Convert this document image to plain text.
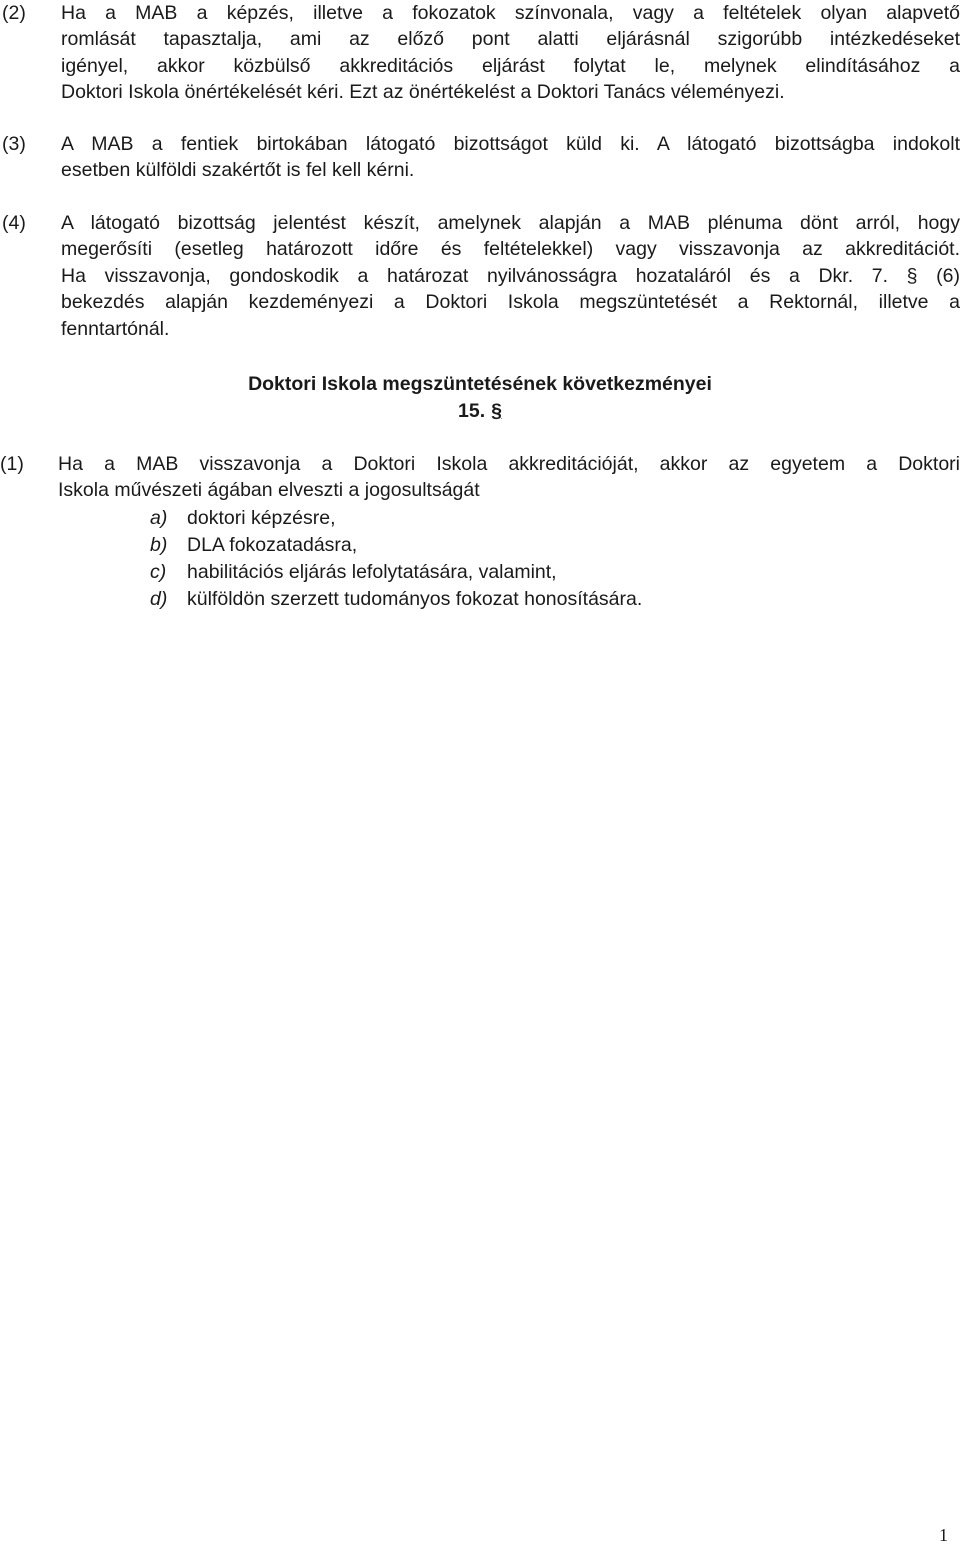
(2) Ha a MAB a képzés, illetve a fokozatok színvonala, vagy a feltételek olyan alapvető
romlását tapasztalja, ami az előző pont alatti eljárásnál szigorúbb intézkedéseket
igényel, akkor közbülső akkreditációs eljárást folytat le, melynek elindításához a
Doktori Iskola önértékelését kéri. Ezt az önértékelést a Doktori Tanács véleményezi.
(3) A MAB a fentiek birtokában látogató bizottságot küld ki. A látogató bizottságba indokolt
esetben külföldi szakértőt is fel kell kérni.
(4) A látogató bizottság jelentést készít, amelynek alapján a MAB plénuma dönt arról, hogy
megerősíti (esetleg határozott időre és feltételekkel) vagy visszavonja az akkreditációt.
Ha visszavonja, gondoskodik a határozat nyilvánosságra hozataláról és a Dkr. 7. § (6)
bekezdés alapján kezdeményezi a Doktori Iskola megszüntetését a Rektornál, illetve a
fenntartónál.
Doktori Iskola megszüntetésének következményei
15. §
(1) Ha a MAB visszavonja a Doktori Iskola akkreditációját, akkor az egyetem a Doktori
Iskola művészeti ágában elveszti a jogosultságát
a) doktori képzésre,
b) DLA fokozatadásra,
c) habilitációs eljárás lefolytatására, valamint,
d) külföldön szerzett tudományos fokozat honosítására.
1
